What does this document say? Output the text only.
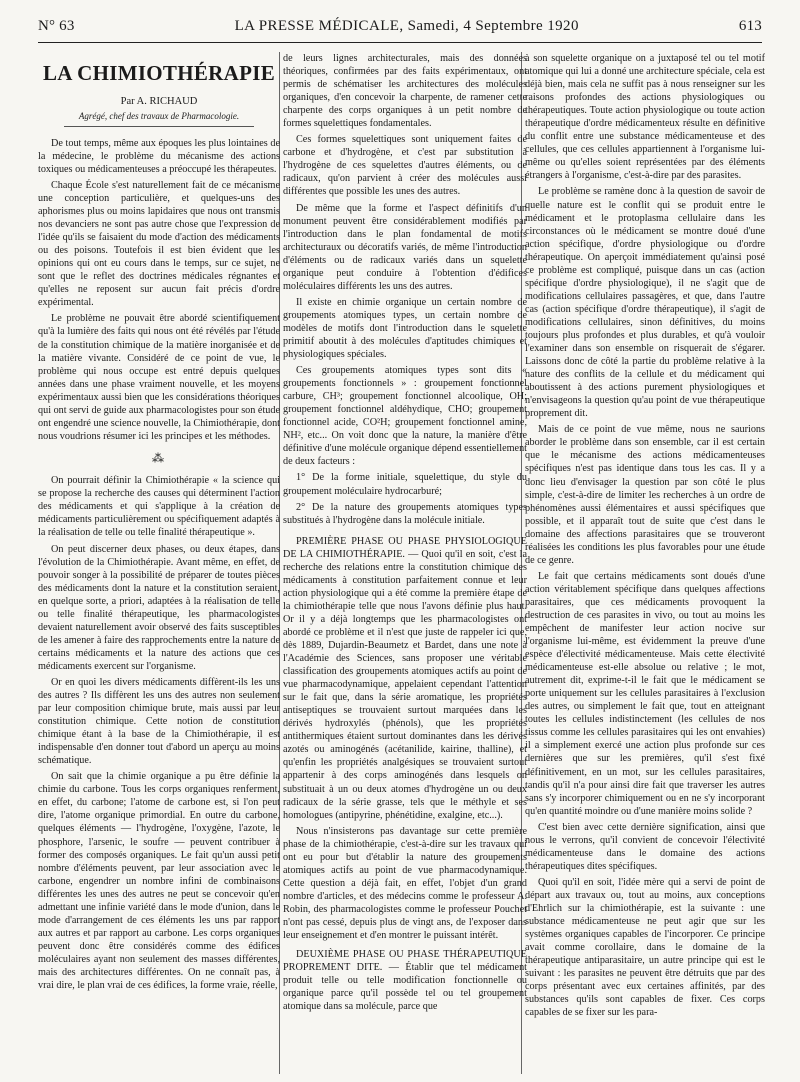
N° 63	LA PRESSE MÉDICALE, Samedi, 4 Septembre 1920	613
LA CHIMIOTHÉRAPIE

Par A. RICHAUD

Agrégé, chef des travaux de Pharmacologie.

De tout temps, même aux époques les plus lointaines de la médecine, le problème du mécanisme des actions toxiques ou médicamenteuses a préoccupé les thérapeutes.

Chaque École s'est naturellement fait de ce mécanisme une conception particulière, et quelques-uns des aphorismes plus ou moins lapidaires que nous ont transmis nos devanciers ne sont pas autre chose que l'expression de l'idée qu'ils se faisaient du mode d'action des médicaments ou des poisons. Toutefois il est bien évident que les opinions qui ont eu cours dans le temps, sur ce sujet, ne sont que le reflet des doctrines médicales régnantes et qu'elles ne reposent sur aucun fait précis d'ordre expérimental.

Le problème ne pouvait être abordé scientifiquement qu'à la lumière des faits qui nous ont été révélés par l'étude de la constitution chimique de la matière inorganisée et de la matière vivante. Considéré de ce point de vue, le problème qui nous occupe est entré depuis quelques années dans une phase vraiment nouvelle, et les moyens expérimentaux aussi bien que les considérations théoriques qui ont servi de guide aux pharmacologistes pour son étude ont engendré une science nouvelle, la Chimiothérapie, dont nous voudrions résumer ici les principes et les méthodes.

⁂

On pourrait définir la Chimiothérapie « la science qui se propose la recherche des causes qui déterminent l'action des médicaments et qui s'applique à la création de médicaments particulièrement ou spécifiquement adaptés à la réalisation de telle ou telle finalité thérapeutique ».

On peut discerner deux phases, ou deux étapes, dans l'évolution de la Chimiothérapie. Avant même, en effet, de pouvoir songer à la possibilité de préparer de toutes pièces des médicaments dont la nature et la constitution seraient, en quelque sorte, a priori, adaptées à la réalisation de telle ou telle finalité thérapeutique, les pharmacologistes devaient naturellement avoir observé des faits susceptibles de les amener à faire des rapprochements entre la nature de certains médicaments et la nature des actions que ces médicaments exercent sur l'organisme.

Or en quoi les divers médicaments diffèrent-ils les uns des autres ? Ils diffèrent les uns des autres non seulement par leur composition chimique brute, mais aussi par leur constitution chimique. Cette notion de constitution chimique étant à la base de la Chimiothérapie, il est indispensable d'en donner tout d'abord un aperçu au moins schématique.

On sait que la chimie organique a pu être définie la chimie du carbone. Tous les corps organiques renferment, en effet, du carbone; l'atome de carbone est, si l'on peut dire, l'atome organique primordial. En outre du carbone, quelques éléments — l'hydrogène, l'oxygène, l'azote, le phosphore, l'arsenic, le soufre — peuvent contribuer à former des composés organiques. Le fait qu'un aussi petit nombre d'éléments peuvent, par leur association avec le carbone, engendrer un nombre infini de combinaisons différentes les unes des autres ne peut se concevoir qu'en admettant une infinie variété dans le mode d'union, dans le mode d'arrangement de ces éléments les uns par rapport aux autres et par rapport au carbone. Les corps organiques peuvent donc être considérés comme des édifices moléculaires ayant non seulement des masses différentes, mais des architectures différentes. On ne connaît pas, à vrai dire, le plan vrai de ces édifices, la forme vraie, réelle,

de leurs lignes architecturales, mais des données théoriques, confirmées par des faits expérimentaux, ont permis de schématiser les architectures des molécules organiques, d'en concevoir la charpente, de ramener cette charpente des corps organiques à un petit nombre de formes squelettiques fondamentales.

Ces formes squelettiques sont uniquement faites de carbone et d'hydrogène, et c'est par substitution à l'hydrogène de ces squelettes d'autres éléments, ou de radicaux, qu'on parvient à créer des molécules aussi différentes que possible les unes des autres.

De même que la forme et l'aspect définitifs d'un monument peuvent être considérablement modifiés par l'introduction dans le plan fondamental de motifs architecturaux ou décoratifs variés, de même l'introduction d'éléments ou de radicaux variés dans un squelette organique peut conduire à l'obtention d'édifices moléculaires différents les uns des autres.

Il existe en chimie organique un certain nombre de groupements atomiques types, un certain nombre de modèles de motifs dont l'introduction dans le squelette primitif aboutit à des molécules d'aptitudes chimiques et physiologiques spéciales.

Ces groupements atomiques types sont dits « groupements fonctionnels » : groupement fonctionnel carbure, CH³; groupement fonctionnel alcoolique, OH; groupement fonctionnel aldéhydique, CHO; groupement fonctionnel acide, CO²H; groupement fonctionnel amine, NH², etc... On voit donc que la nature, la manière d'être définitive d'une molécule organique dépend essentiellement de deux facteurs :

1° De la forme initiale, squelettique, du style du groupement moléculaire hydrocarburé;

2° De la nature des groupements atomiques types substitués à l'hydrogène dans la molécule initiale.

PREMIÈRE PHASE OU PHASE PHYSIOLOGIQUE DE LA CHIMIOTHÉRAPIE. — Quoi qu'il en soit, c'est la recherche des relations entre la constitution chimique des médicaments à constitution parfaitement connue et leur action physiologique qui a été comme la première étape de la chimiothérapie telle que nous l'avons définie plus haut. Or il y a déjà longtemps que les pharmacologistes ont abordé ce problème et il n'est que juste de rappeler ici que, dès 1889, Dujardin-Beaumetz et Bardet, dans une note à l'Académie des Sciences, sans proposer une véritable classification des groupements atomiques actifs au point de vue pharmacodynamique, appelaient cependant l'attention sur le fait que, dans la série aromatique, les propriétés antiseptiques se trouvaient surtout marquées dans les dérivés hydroxylés (phénols), que les propriétés antithermiques étaient surtout dominantes dans les dérivés azotés ou aminogénés (acétanilide, kairine, thalline), et qu'enfin les propriétés analgésiques se trouvaient surtout appartenir à des corps aminogénés dans lesquels on substituait à un ou deux atomes d'hydrogène un ou deux radicaux de la série grasse, tels que le méthyle et ses homologues (antipyrine, phénétidine, exalgine, etc...).

Nous n'insisterons pas davantage sur cette première phase de la chimiothérapie, c'est-à-dire sur les travaux qui ont eu pour but d'établir la nature des groupements atomiques actifs au point de vue pharmacodynamique. Cette question a déjà fait, en effet, l'objet d'un grand nombre d'articles, et des médecins comme le professeur A. Robin, des pharmacologistes comme le professeur Pouchet n'ont pas cessé, depuis plus de vingt ans, de l'exposer dans leur enseignement et d'en montrer le puissant intérêt.

DEUXIÈME PHASE OU PHASE THÉRAPEUTIQUE PROPREMENT DITE. — Établir que tel médicament produit telle ou telle modification fonctionnelle ou organique parce qu'il possède tel ou tel groupement atomique dans sa molécule, parce que

à son squelette organique on a juxtaposé tel ou tel motif atomique qui lui a donné une architecture spéciale, cela est déjà bien, mais cela ne suffit pas à nous renseigner sur les raisons profondes des actions physiologiques ou thérapeutiques. Toute action physiologique ou toute action thérapeutique d'ordre médicamenteux résulte en définitive du conflit entre une substance médicamenteuse et des cellules, que ces cellules appartiennent à l'organisme lui-même ou qu'elles soient représentées par des éléments étrangers à l'organisme, c'est-à-dire par des parasites.

Le problème se ramène donc à la question de savoir de quelle nature est le conflit qui se produit entre le médicament et le protoplasma cellulaire dans les circonstances où le médicament se montre doué d'une action spécifique, d'ordre physiologique ou d'ordre thérapeutique. On aperçoit immédiatement qu'ainsi posé ce problème est compliqué, puisque dans un cas (action spécifique d'ordre physiologique), il ne s'agit que de modifications cellulaires passagères, et que, dans l'autre cas (action spécifique d'ordre thérapeutique), il s'agit de modifications cellulaires, sinon définitives, du moins toujours plus profondes et plus durables, et qu'à vouloir l'examiner dans son ensemble on risquerait de s'égarer. Laissons donc de côté la partie du problème relative à la nature des conflits de la cellule et du médicament qui aboutissent à des actions purement physiologiques et n'envisageons la question qu'au point de vue thérapeutique proprement dit.

Mais de ce point de vue même, nous ne saurions aborder le problème dans son ensemble, car il est certain que le mécanisme des actions médicamenteuses spécifiques n'est pas identique dans tous les cas. Il y a donc lieu d'envisager la question par son côté le plus simple, c'est-à-dire de limiter les recherches à un ordre de phénomènes aussi élémentaires et aussi spécifiques que possible, et il apparaît tout de suite que c'est dans le domaine des affections parasitaires que se trouveront réalisées les conditions les plus favorables pour une étude de ce genre.

Le fait que certains médicaments sont doués d'une action véritablement spécifique dans quelques affections parasitaires, que ces médicaments provoquent la destruction de ces parasites in vivo, ou tout au moins les empêchent de manifester leur action nocive sur l'organisme lui-même, est évidemment la preuve d'une espèce d'électivité médicamenteuse. Mais cette électivité médicamenteuse est-elle absolue ou relative ; le mot, autrement dit, exprime-t-il le fait que le médicament se porte uniquement sur les cellules parasitaires à l'exclusion des autres, ou simplement le fait que, tout en atteignant toutes les cellules indistinctement (les cellules de nos tissus comme les cellules parasitaires qui les ont envahies) il a simplement exercé une action plus profonde sur ces dernières que sur les premières, qu'il s'est fixé définitivement, en un mot, sur les cellules parasitaires, tandis qu'il n'a pour ainsi dire fait que traverser les autres sans s'y incorporer chimiquement ou en ne s'y incorporant qu'en quantité moindre ou d'une manière moins solide ?

C'est bien avec cette dernière signification, ainsi que nous le verrons, qu'il convient de concevoir l'électivité médicamenteuse dans le domaine des actions thérapeutiques dites spécifiques.

Quoi qu'il en soit, l'idée mère qui a servi de point de départ aux travaux ou, tout au moins, aux conceptions d'Ehrlich sur la chimiothérapie, est la suivante : une substance médicamenteuse ne peut agir que sur les systèmes organiques capables de l'incorporer. Ce principe avait comme corollaire, dans le domaine de la thérapeutique antiparasitaire, un autre principe qui est le suivant : les parasites ne peuvent être détruits que par des corps présentant avec eux certaines affinités, par des substances qu'ils sont capables de fixer. Ces corps capables de se fixer sur les para-
